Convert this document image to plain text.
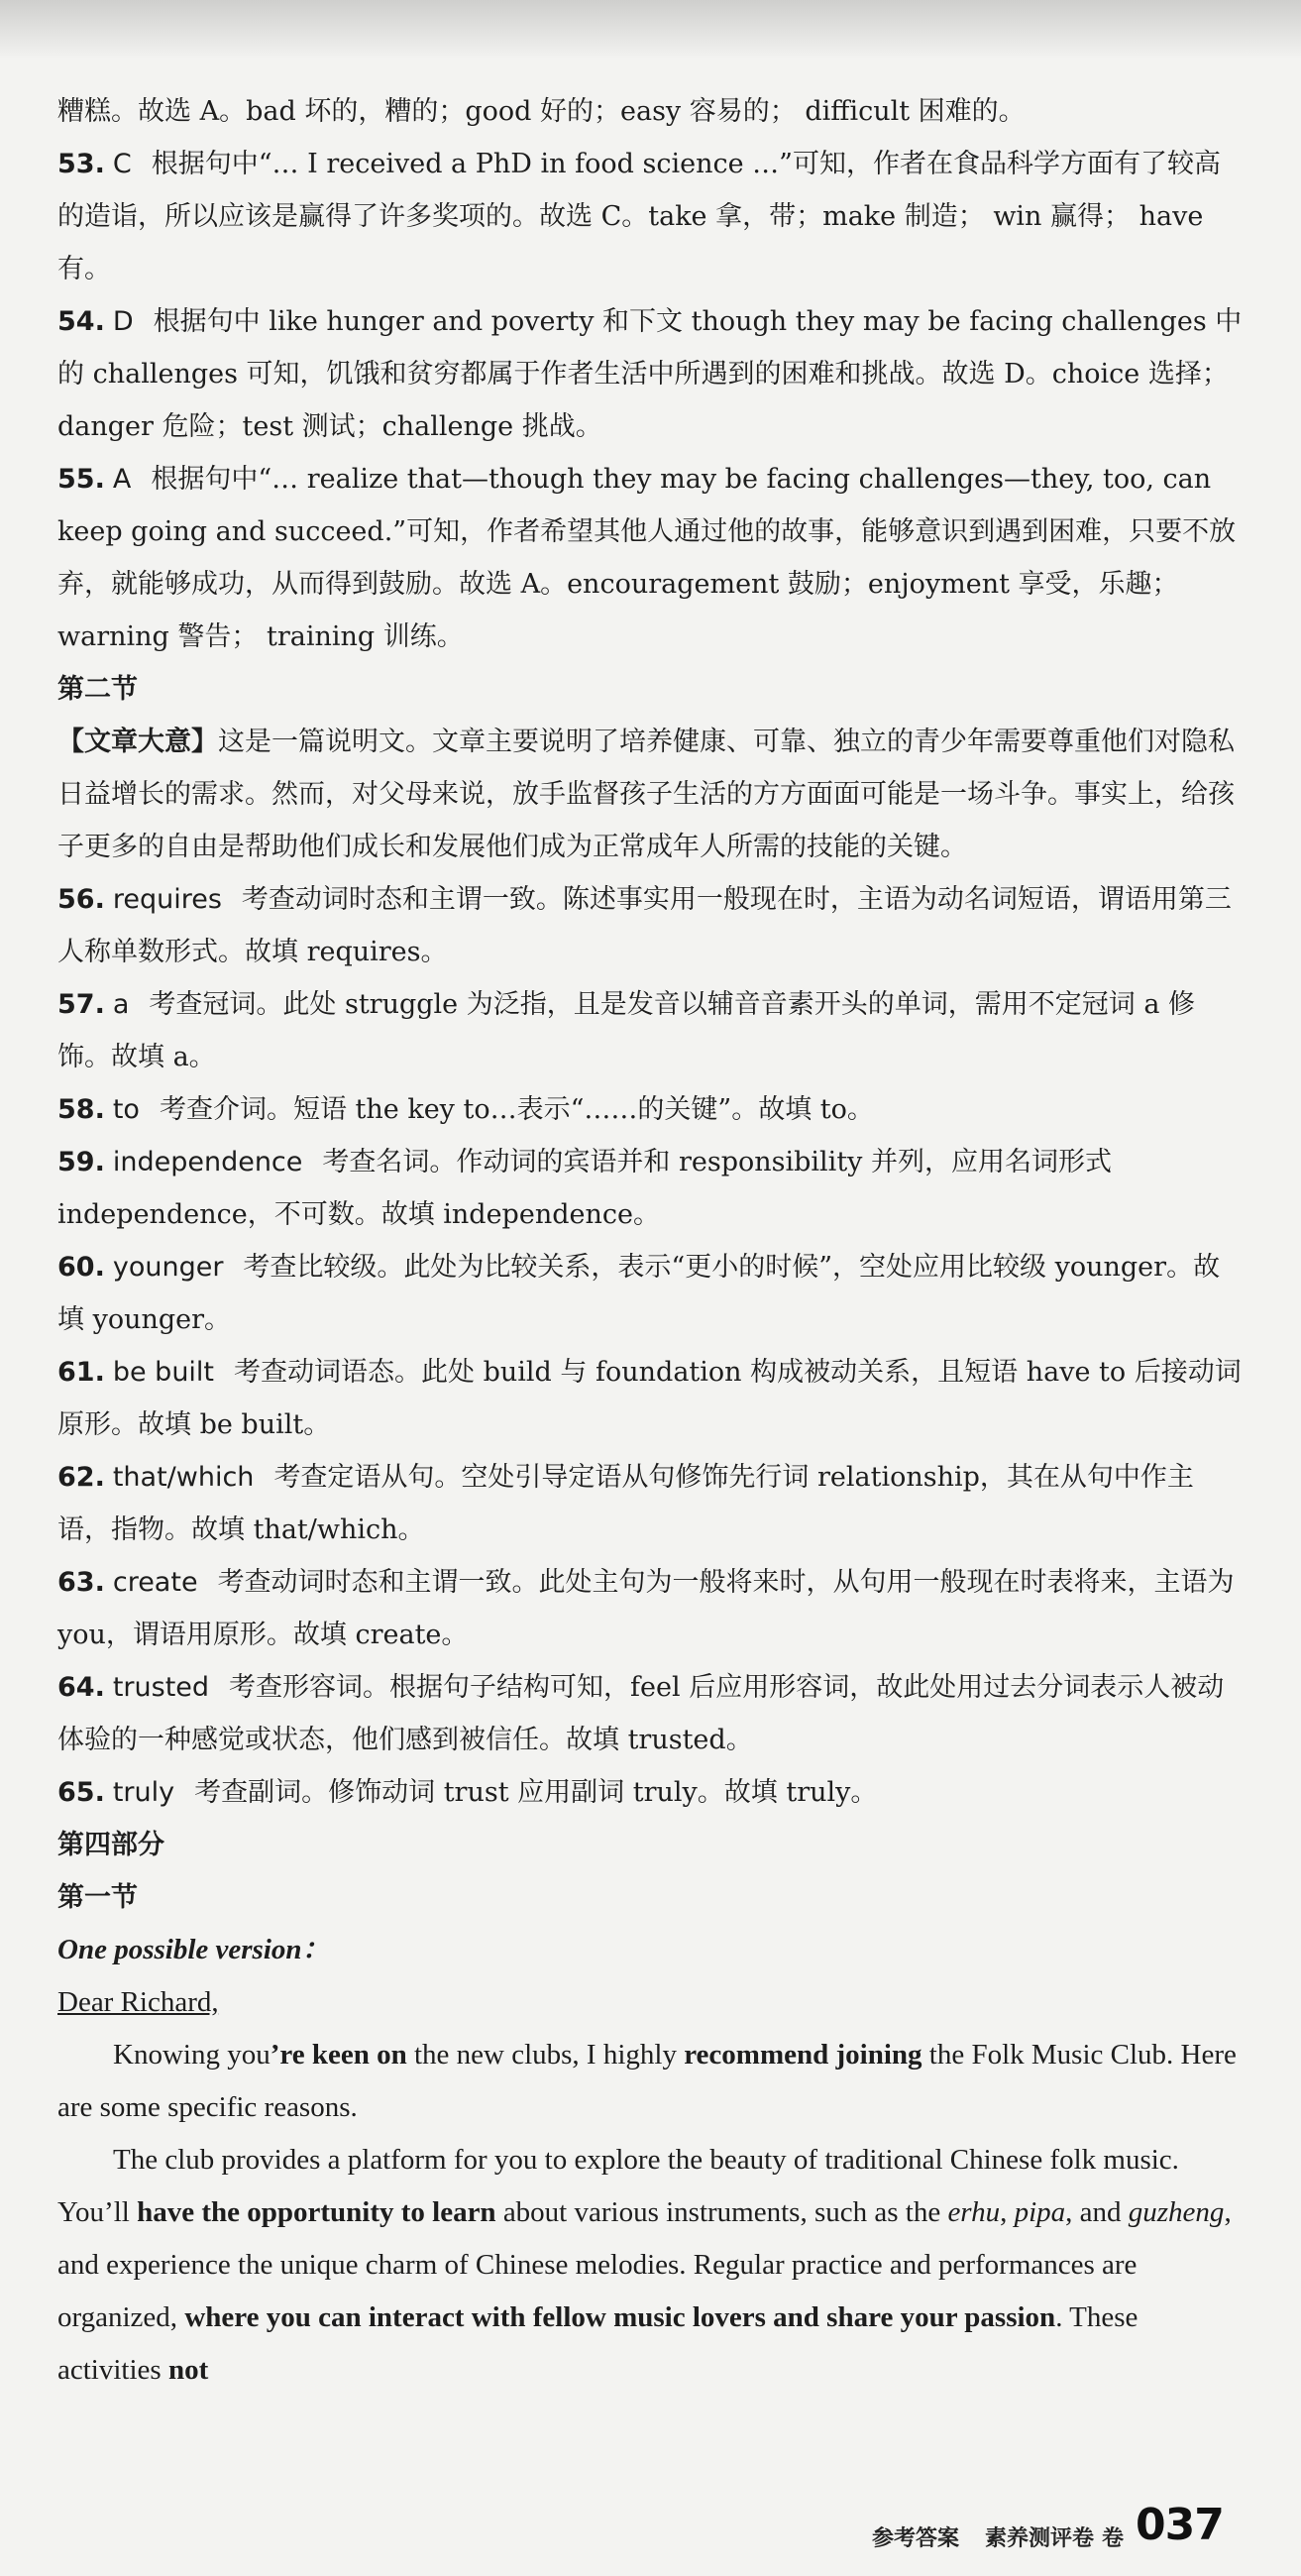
糟糕。故选 A。bad 坏的，糟的；good 好的；easy 容易的； difficult 困难的。

53. C 根据句中“… I received a PhD in food science …”可知，作者在食品科学方面有了较高的造诣，所以应该是赢得了许多奖项的。故选 C。take 拿，带；make 制造； win 赢得； have 有。

54. D 根据句中 like hunger and poverty 和下文 though they may be facing challenges 中的 challenges 可知，饥饿和贫穷都属于作者生活中所遇到的困难和挑战。故选 D。choice 选择； danger 危险；test 测试；challenge 挑战。

55. A 根据句中“… realize that—though they may be facing challenges—they, too, can keep going and succeed.”可知，作者希望其他人通过他的故事，能够意识到遇到困难，只要不放弃，就能够成功，从而得到鼓励。故选 A。encouragement 鼓励；enjoyment 享受，乐趣； warning 警告； training 训练。

第二节

【文章大意】这是一篇说明文。文章主要说明了培养健康、可靠、独立的青少年需要尊重他们对隐私日益增长的需求。然而，对父母来说，放手监督孩子生活的方方面面可能是一场斗争。事实上，给孩子更多的自由是帮助他们成长和发展他们成为正常成年人所需的技能的关键。

56. requires 考查动词时态和主谓一致。陈述事实用一般现在时，主语为动名词短语，谓语用第三人称单数形式。故填 requires。

57. a 考查冠词。此处 struggle 为泛指，且是发音以辅音音素开头的单词，需用不定冠词 a 修饰。故填 a。

58. to 考查介词。短语 the key to…表示“……的关键”。故填 to。

59. independence 考查名词。作动词的宾语并和 responsibility 并列，应用名词形式 independence，不可数。故填 independence。

60. younger 考查比较级。此处为比较关系，表示“更小的时候”，空处应用比较级 younger。故填 younger。

61. be built 考查动词语态。此处 build 与 foundation 构成被动关系，且短语 have to 后接动词原形。故填 be built。

62. that/which 考查定语从句。空处引导定语从句修饰先行词 relationship，其在从句中作主语，指物。故填 that/which。

63. create 考查动词时态和主谓一致。此处主句为一般将来时，从句用一般现在时表将来，主语为 you，谓语用原形。故填 create。

64. trusted 考查形容词。根据句子结构可知，feel 后应用形容词，故此处用过去分词表示人被动体验的一种感觉或状态，他们感到被信任。故填 trusted。

65. truly 考查副词。修饰动词 trust 应用副词 truly。故填 truly。

第四部分

第一节

One possible version：

Dear Richard,

Knowing you’re keen on the new clubs, I highly recommend joining the Folk Music Club. Here are some specific reasons.

The club provides a platform for you to explore the beauty of traditional Chinese folk music. You’ll have the opportunity to learn about various instruments, such as the erhu, pipa, and guzheng, and experience the unique charm of Chinese melodies. Regular practice and performances are organized, where you can interact with fellow music lovers and share your passion. These activities not

参考答案 素养测评卷 卷 037
